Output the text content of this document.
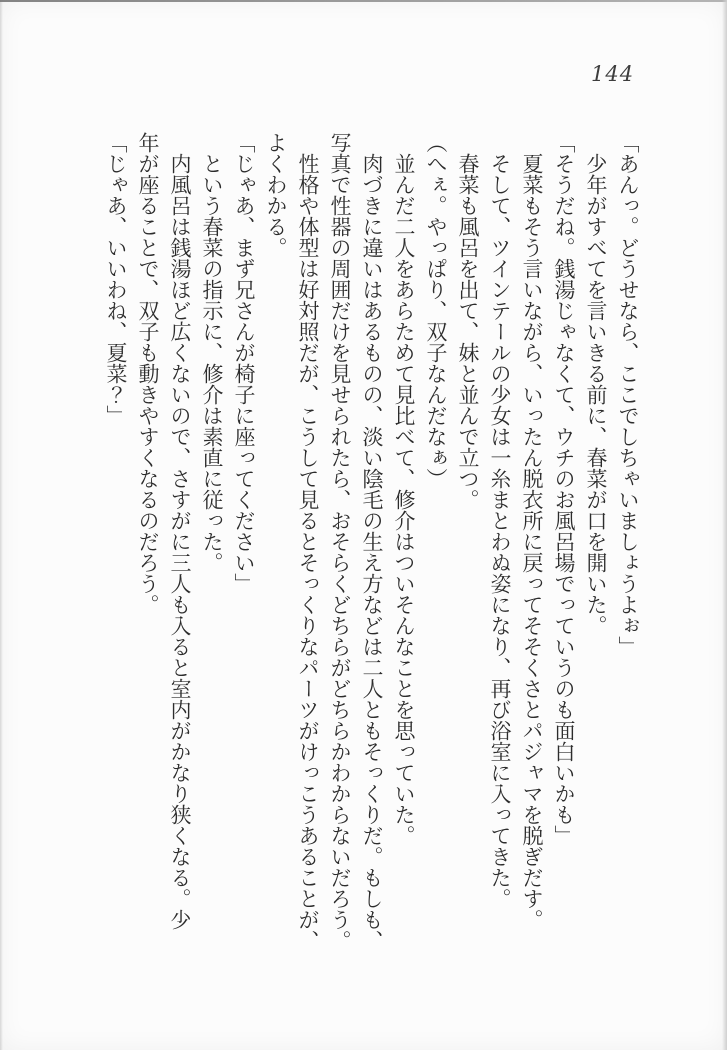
144
「あんっ。どうせなら、ここでしちゃいましょうよぉ」
少年がすべてを言いきる前に、春菜が口を開いた。
「そうだね。銭湯じゃなくて、ウチのお風呂場でっていうのも面白いかも」
夏菜もそう言いながら、いったん脱衣所に戻ってそそくさとパジャマを脱ぎだす。
そして、ツインテールの少女は一糸まとわぬ姿になり、再び浴室に入ってきた。
春菜も風呂を出て、妹と並んで立つ。
（へぇ。やっぱり、双子なんだなぁ）
並んだ二人をあらためて見比べて、修介はついそんなことを思っていた。
肉づきに違いはあるものの、淡い陰毛の生え方などは二人ともそっくりだ。もしも、
写真で性器の周囲だけを見せられたら、おそらくどちらがどちらかわからないだろう。
性格や体型は好対照だが、こうして見るとそっくりなパーツがけっこうあることが、
よくわかる。
「じゃあ、まず兄さんが椅子に座ってください」
という春菜の指示に、修介は素直に従った。
内風呂は銭湯ほど広くないので、さすがに三人も入ると室内がかなり狭くなる。少
年が座ることで、双子も動きやすくなるのだろう。
「じゃあ、いいわね、夏菜？」
